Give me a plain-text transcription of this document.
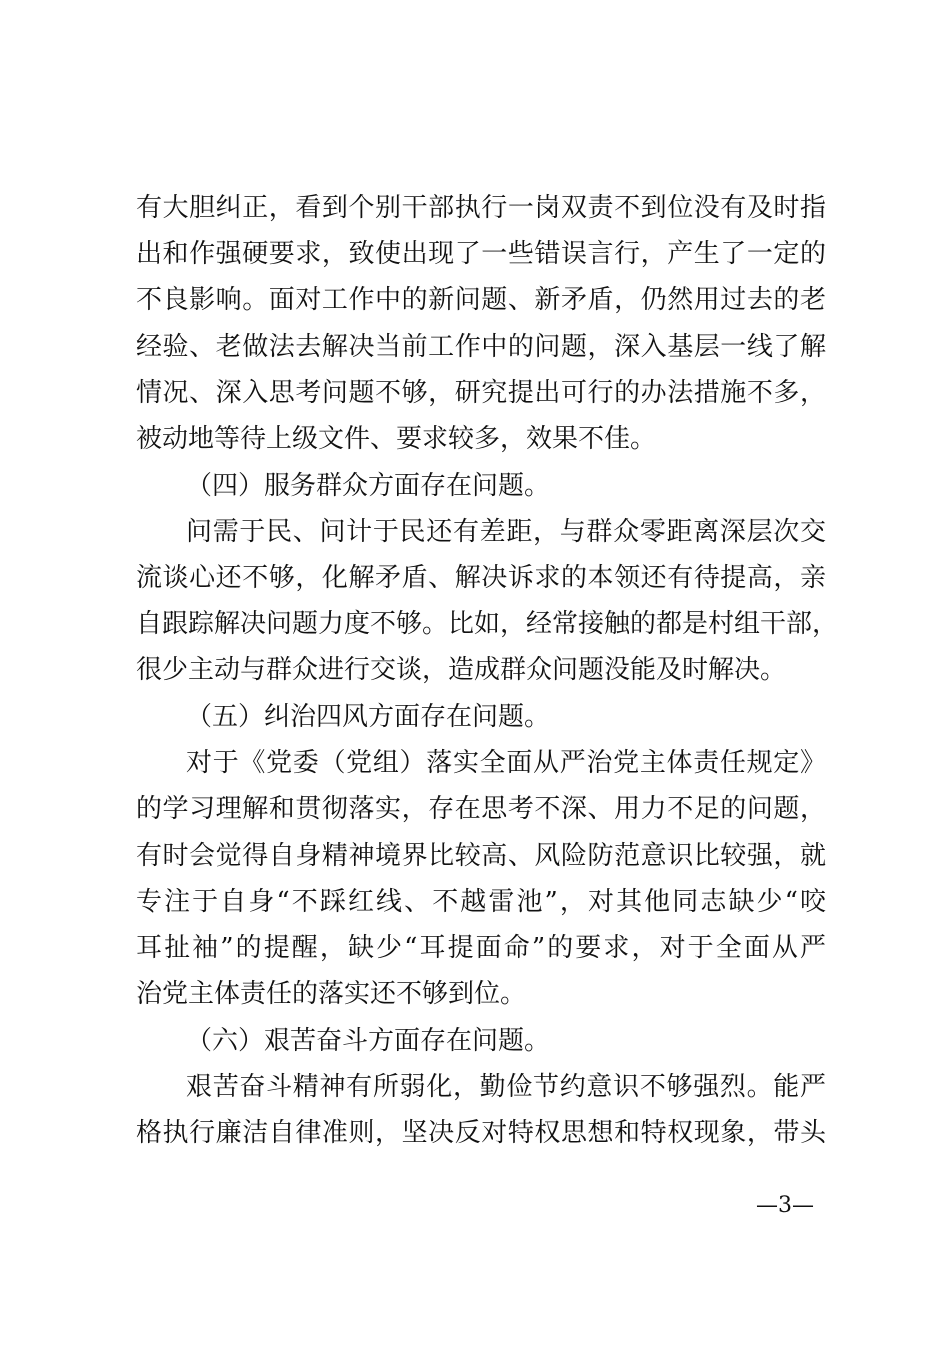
有大胆纠正，看到个别干部执行一岗双责不到位没有及时指
出和作强硬要求，致使出现了一些错误言行，产生了一定的
不良影响。面对工作中的新问题、新矛盾，仍然用过去的老
经验、老做法去解决当前工作中的问题，深入基层一线了解
情况、深入思考问题不够，研究提出可行的办法措施不多，
被动地等待上级文件、要求较多，效果不佳。
（四）服务群众方面存在问题。
问需于民、问计于民还有差距，与群众零距离深层次交
流谈心还不够，化解矛盾、解决诉求的本领还有待提高，亲
自跟踪解决问题力度不够。比如，经常接触的都是村组干部，
很少主动与群众进行交谈，造成群众问题没能及时解决。
（五）纠治四风方面存在问题。
对于《党委（党组）落实全面从严治党主体责任规定》
的学习理解和贯彻落实，存在思考不深、用力不足的问题，
有时会觉得自身精神境界比较高、风险防范意识比较强，就
专注于自身“不踩红线、不越雷池”，对其他同志缺少“咬
耳扯袖”的提醒，缺少“耳提面命”的要求，对于全面从严
治党主体责任的落实还不够到位。
（六）艰苦奋斗方面存在问题。
艰苦奋斗精神有所弱化，勤俭节约意识不够强烈。能严
格执行廉洁自律准则，坚决反对特权思想和特权现象，带头
—3—
